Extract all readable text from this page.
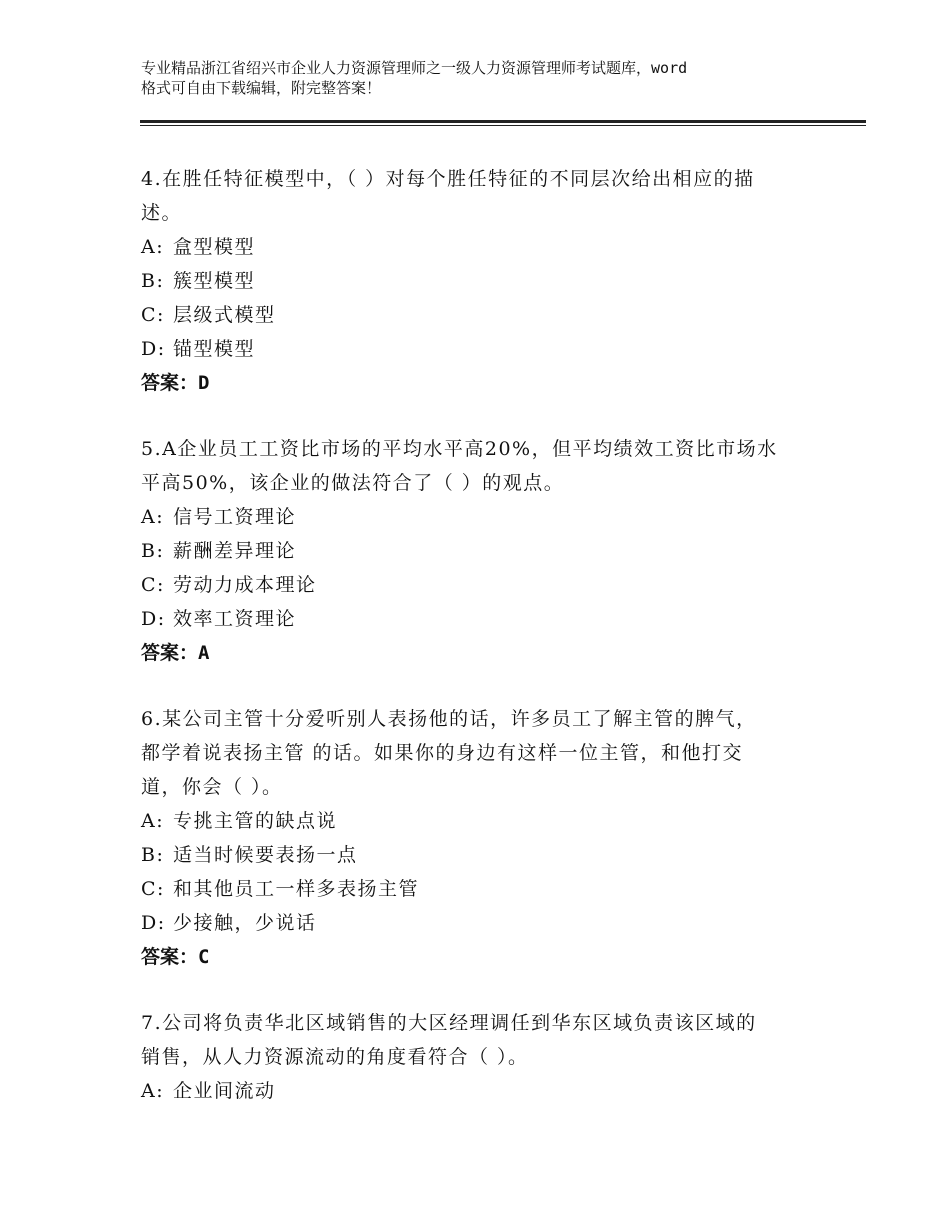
专业精品浙江省绍兴市企业人力资源管理师之一级人力资源管理师考试题库，word
格式可自由下载编辑，附完整答案！
4.在胜任特征模型中，（ ）对每个胜任特征的不同层次给出相应的描
述。
A: 盒型模型
B: 簇型模型
C: 层级式模型
D: 锚型模型
答案：D
5.A企业员工工资比市场的平均水平高20%，但平均绩效工资比市场水
平高50%，该企业的做法符合了（ ）的观点。
A: 信号工资理论
B: 薪酬差异理论
C: 劳动力成本理论
D: 效率工资理论
答案：A
6.某公司主管十分爱听别人表扬他的话，许多员工了解主管的脾气，
都学着说表扬主管 的话。如果你的身边有这样一位主管，和他打交
道，你会（ ）。
A: 专挑主管的缺点说
B: 适当时候要表扬一点
C: 和其他员工一样多表扬主管
D: 少接触，少说话
答案：C
7.公司将负责华北区域销售的大区经理调任到华东区域负责该区域的
销售，从人力资源流动的角度看符合（ ）。
A: 企业间流动
